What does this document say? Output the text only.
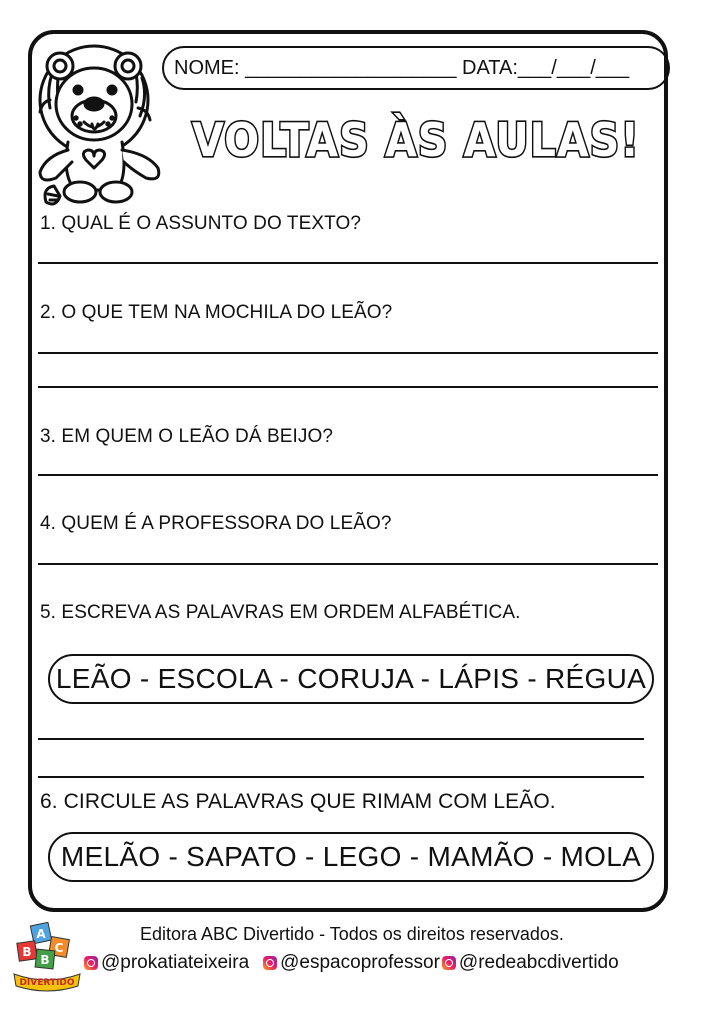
NOME: ___________________ DATA:___/___/___
VOLTAS ÀS AULAS!
1. QUAL É O ASSUNTO DO TEXTO?
2. O QUE TEM NA MOCHILA DO LEÃO?
3. EM QUEM O LEÃO DÁ BEIJO?
4. QUEM É A PROFESSORA DO LEÃO?
5. ESCREVA AS PALAVRAS EM ORDEM ALFABÉTICA.
LEÃO - ESCOLA - CORUJA - LÁPIS - RÉGUA
6. CIRCULE AS PALAVRAS QUE RIMAM COM LEÃO.
MELÃO - SAPATO - LEGO - MAMÃO - MOLA
Editora ABC Divertido - Todos os direitos reservados.
@prokatiateixeira @espacoprofessor @redeabcdivertido
A
C
B
B
DIVERTIDO
